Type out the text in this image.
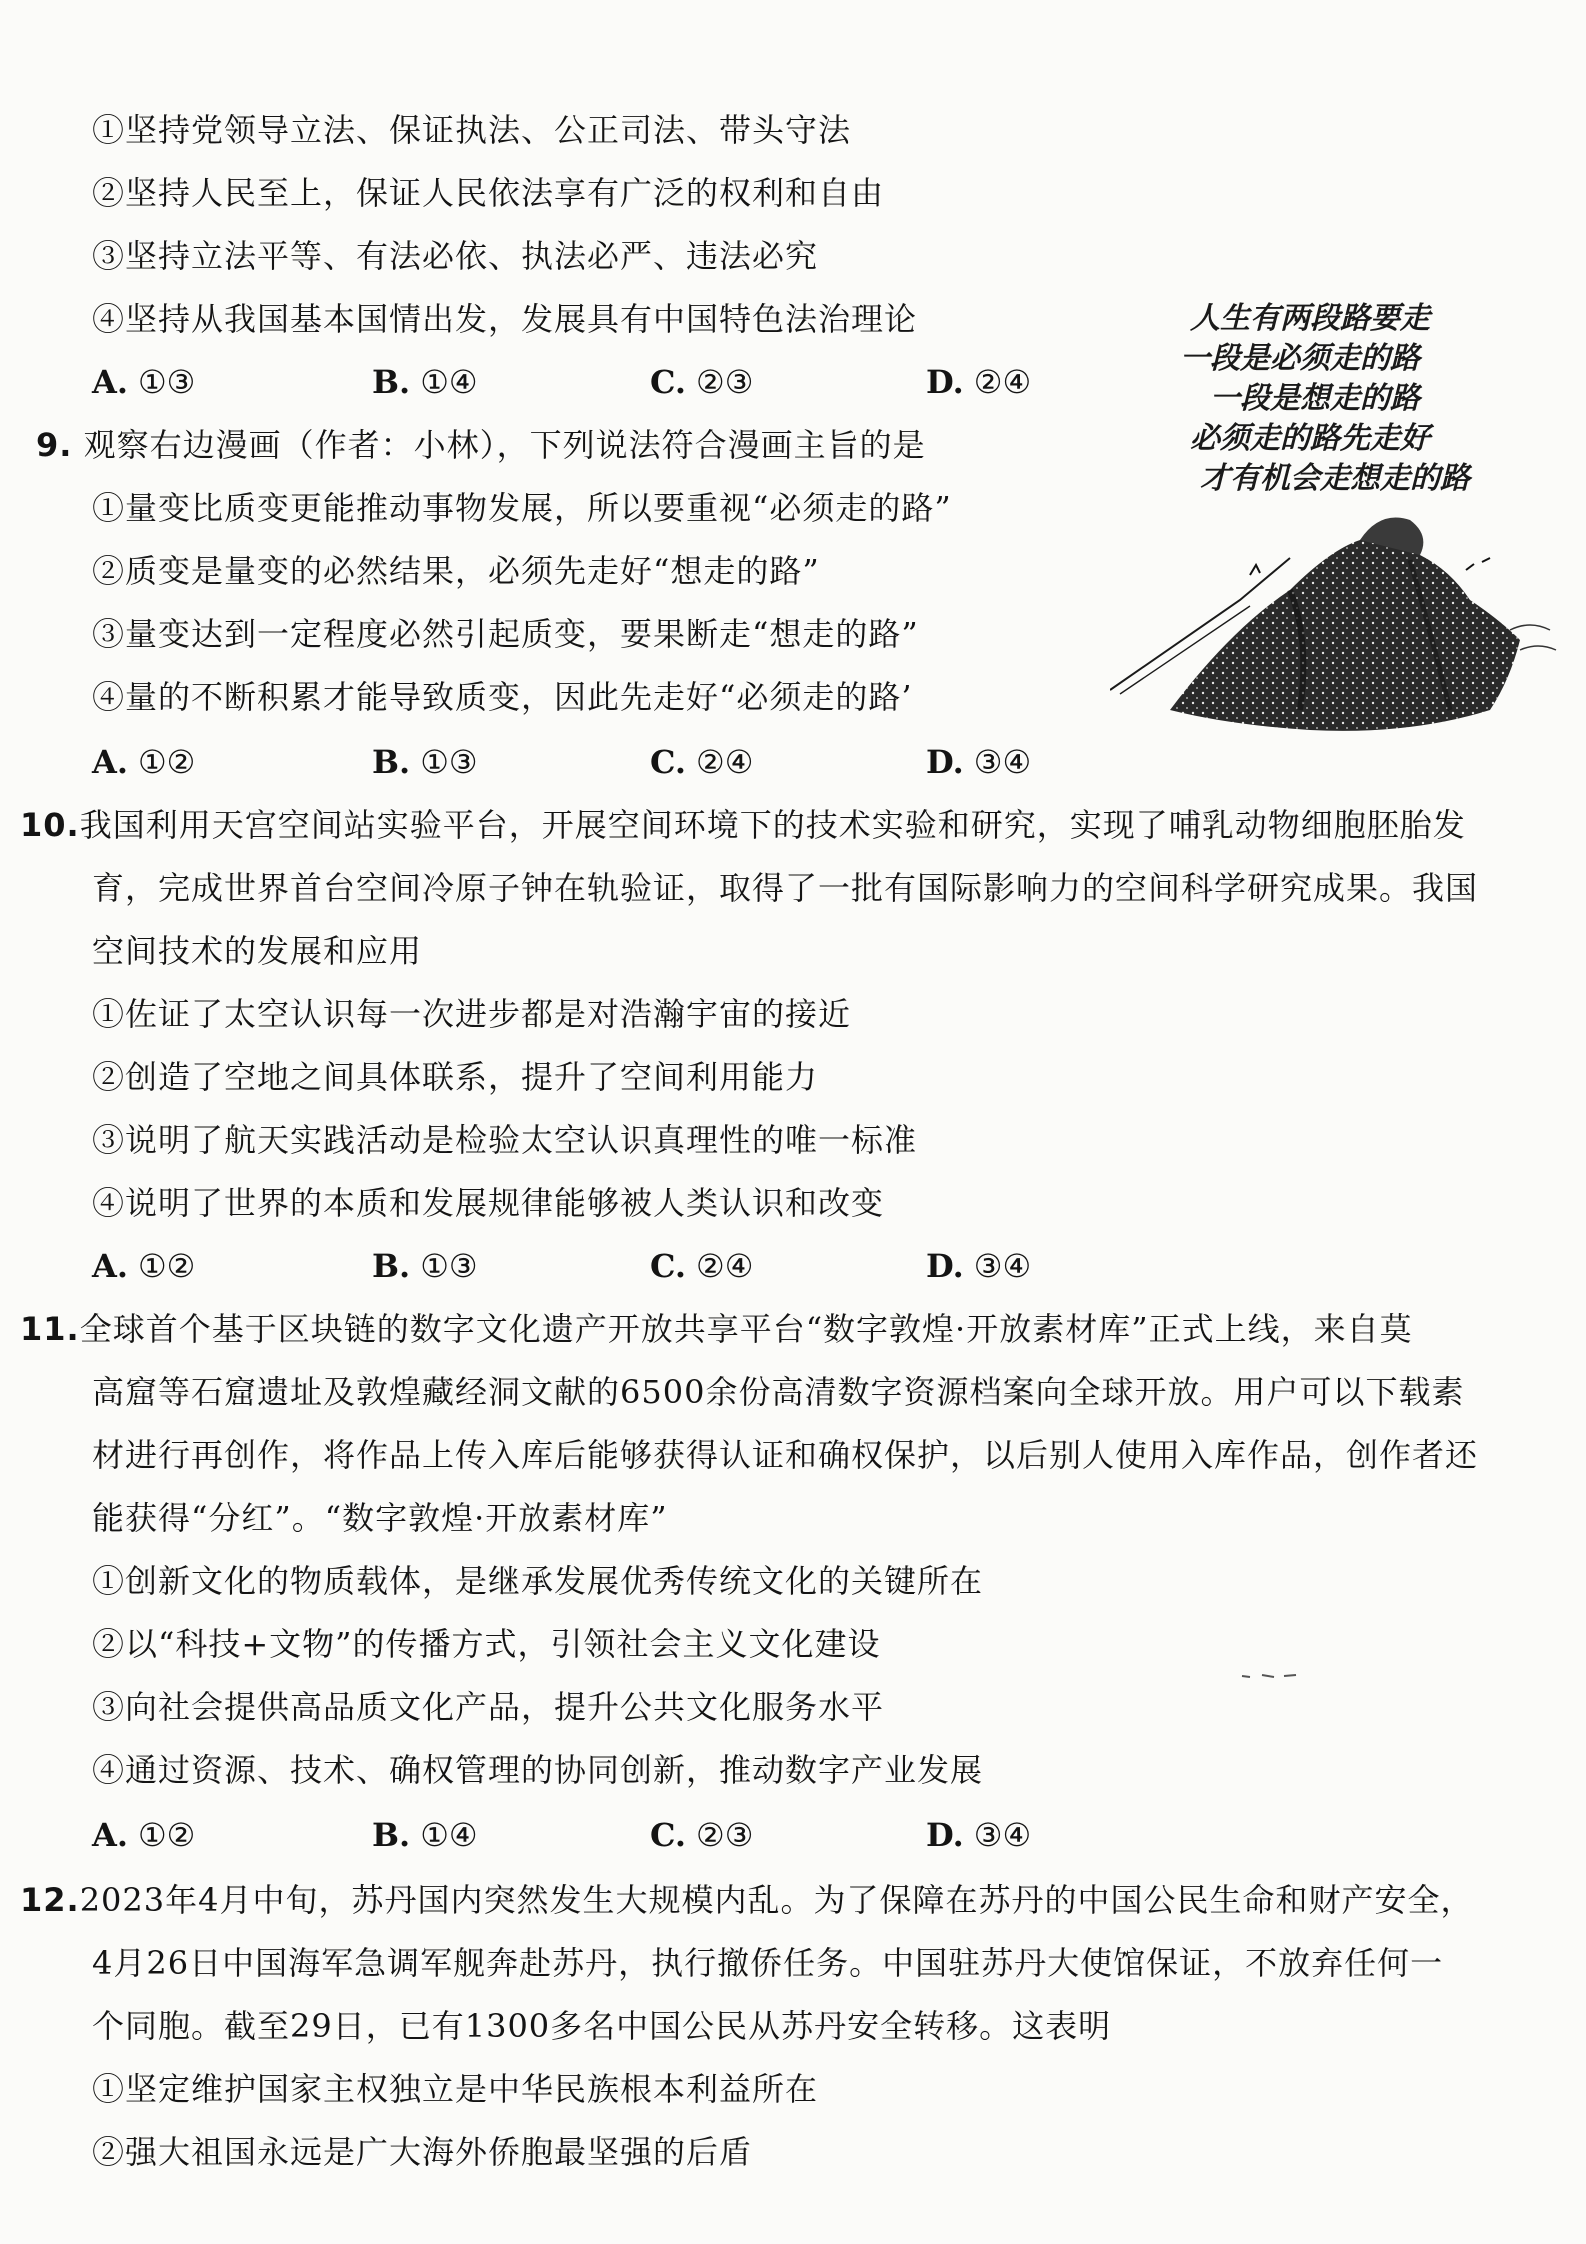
①坚持党领导立法、保证执法、公正司法、带头守法
②坚持人民至上，保证人民依法享有广泛的权利和自由
③坚持立法平等、有法必依、执法必严、违法必究
④坚持从我国基本国情出发，发展具有中国特色法治理论
A. ①③	B. ①④	C. ②③	D. ②④
9. 观察右边漫画（作者：小林），下列说法符合漫画主旨的是
①量变比质变更能推动事物发展，所以要重视“必须走的路”
②质变是量变的必然结果，必须先走好“想走的路”
③量变达到一定程度必然引起质变，要果断走“想走的路”
④量的不断积累才能导致质变，因此先走好“必须走的路’
A. ①②	B. ①③	C. ②④	D. ③④
人生有两段路要走
一段是必须走的路
一段是想走的路
必须走的路先走好
才有机会走想走的路
10.我国利用天宫空间站实验平台，开展空间环境下的技术实验和研究，实现了哺乳动物细胞胚胎发
育，完成世界首台空间冷原子钟在轨验证，取得了一批有国际影响力的空间科学研究成果。我国
空间技术的发展和应用
①佐证了太空认识每一次进步都是对浩瀚宇宙的接近
②创造了空地之间具体联系，提升了空间利用能力
③说明了航天实践活动是检验太空认识真理性的唯一标准
④说明了世界的本质和发展规律能够被人类认识和改变
A. ①②	B. ①③	C. ②④	D. ③④
11.全球首个基于区块链的数字文化遗产开放共享平台“数字敦煌·开放素材库”正式上线，来自莫
高窟等石窟遗址及敦煌藏经洞文献的6500余份高清数字资源档案向全球开放。用户可以下载素
材进行再创作，将作品上传入库后能够获得认证和确权保护，以后别人使用入库作品，创作者还
能获得“分红”。“数字敦煌·开放素材库”
①创新文化的物质载体，是继承发展优秀传统文化的关键所在
②以“科技+文物”的传播方式，引领社会主义文化建设
③向社会提供高品质文化产品，提升公共文化服务水平
④通过资源、技术、确权管理的协同创新，推动数字产业发展
A. ①②	B. ①④	C. ②③	D. ③④
12.2023年4月中旬，苏丹国内突然发生大规模内乱。为了保障在苏丹的中国公民生命和财产安全，
4月26日中国海军急调军舰奔赴苏丹，执行撤侨任务。中国驻苏丹大使馆保证，不放弃任何一
个同胞。截至29日，已有1300多名中国公民从苏丹安全转移。这表明
①坚定维护国家主权独立是中华民族根本利益所在
②强大祖国永远是广大海外侨胞最坚强的后盾
